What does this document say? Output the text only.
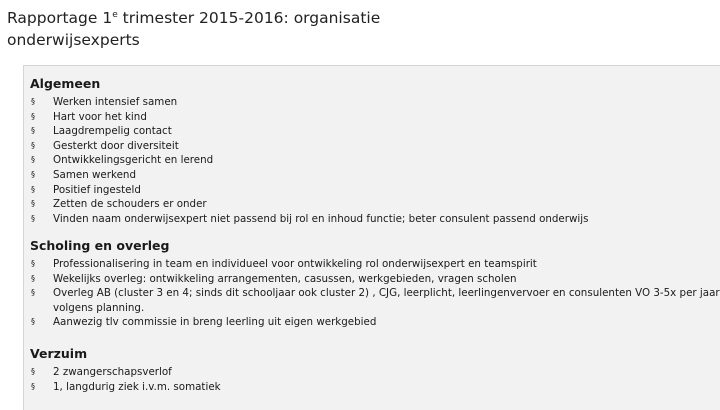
Rapportage 1e trimester 2015-2016: organisatie
onderwijsexperts
Algemeen
§ Werken intensief samen
§ Hart voor het kind
§ Laagdrempelig contact
§ Gesterkt door diversiteit
§ Ontwikkelingsgericht en lerend
§ Samen werkend
§ Positief ingesteld
§ Zetten de schouders er onder
§ Vinden naam onderwijsexpert niet passend bij rol en inhoud functie; beter consulent passend onderwijs
Scholing en overleg
§ Professionalisering in team en individueel voor ontwikkeling rol onderwijsexpert en teamspirit
§ Wekelijks overleg: ontwikkeling arrangementen, casussen, werkgebieden, vragen scholen
§ Overleg AB (cluster 3 en 4; sinds dit schooljaar ook cluster 2) , CJG, leerplicht, leerlingenvervoer en consulenten VO 3-5x per jaar
volgens planning.
§ Aanwezig tlv commissie in breng leerling uit eigen werkgebied
Verzuim
§ 2 zwangerschapsverlof
§ 1, langdurig ziek i.v.m. somatiek
